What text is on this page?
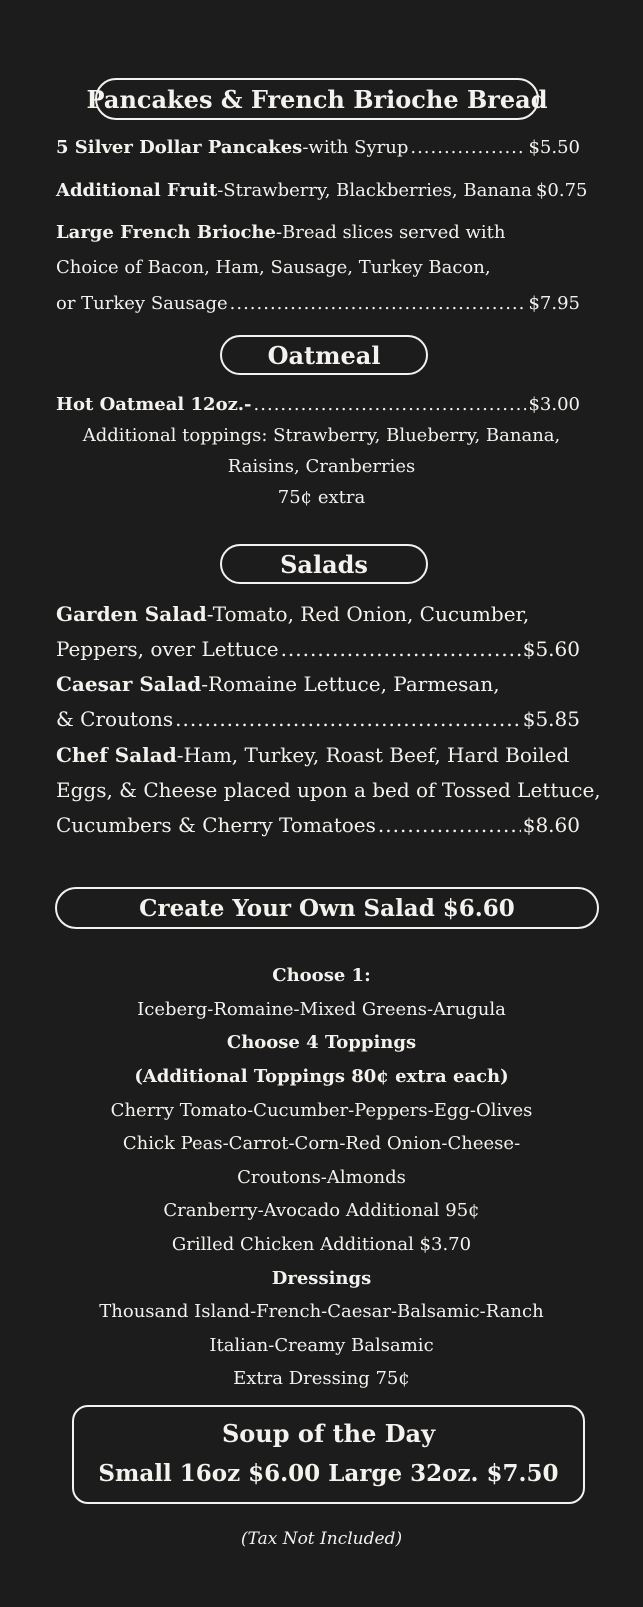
Pancakes & French Brioche Bread
5 Silver Dollar Pancakes -with Syrup .....	$5.50
Additional Fruit -Strawberry, Blackberries, Banana $0.75
Large French Brioche-Bread slices served with
Choice of Bacon, Ham, Sausage, Turkey Bacon,
or Turkey Sausage .....	$7.95
Oatmeal
Hot Oatmeal 12oz.- .....	$3.00
Additional toppings: Strawberry, Blueberry, Banana,
Raisins, Cranberries
75¢ extra
Salads
Garden Salad-Tomato, Red Onion, Cucumber,
Peppers, over Lettuce .....	$5.60
Caesar Salad-Romaine Lettuce, Parmesan,
& Croutons .....	$5.85
Chef Salad-Ham, Turkey, Roast Beef, Hard Boiled
Eggs, & Cheese placed upon a bed of Tossed Lettuce,
Cucumbers & Cherry Tomatoes .....	$8.60
Create Your Own Salad $6.60
Choose 1:
Iceberg-Romaine-Mixed Greens-Arugula
Choose 4 Toppings
(Additional Toppings 80¢ extra each)
Cherry Tomato-Cucumber-Peppers-Egg-Olives
Chick Peas-Carrot-Corn-Red Onion-Cheese-
Croutons-Almonds
Cranberry-Avocado Additional 95¢
Grilled Chicken Additional $3.70
Dressings
Thousand Island-French-Caesar-Balsamic-Ranch
Italian-Creamy Balsamic
Extra Dressing 75¢
Soup of the Day
Small 16oz $6.00 Large 32oz. $7.50
(Tax Not Included)
